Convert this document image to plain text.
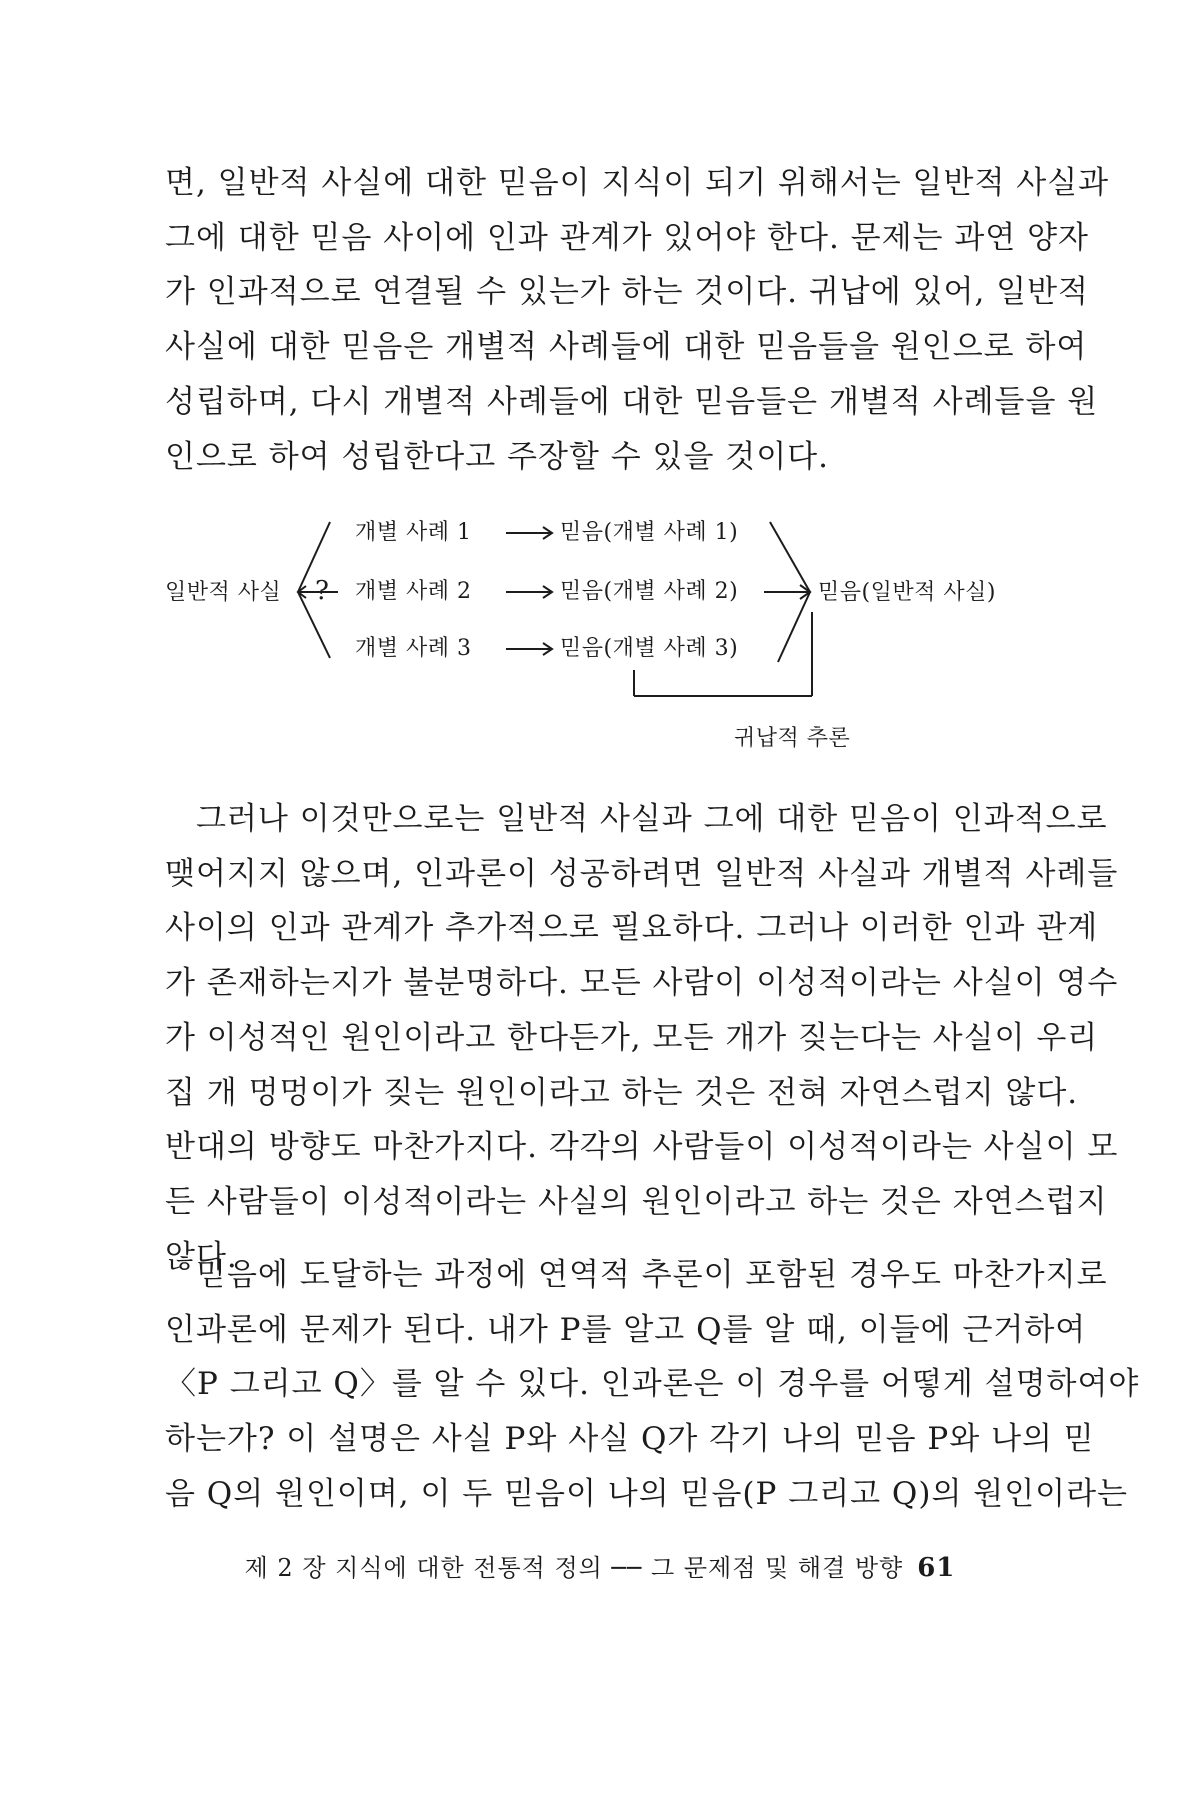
면, 일반적 사실에 대한 믿음이 지식이 되기 위해서는 일반적 사실과
그에 대한 믿음 사이에 인과 관계가 있어야 한다. 문제는 과연 양자
가 인과적으로 연결될 수 있는가 하는 것이다. 귀납에 있어, 일반적
사실에 대한 믿음은 개별적 사례들에 대한 믿음들을 원인으로 하여
성립하며, 다시 개별적 사례들에 대한 믿음들은 개별적 사례들을 원
인으로 하여 성립한다고 주장할 수 있을 것이다.
일반적 사실 ?
개별 사례 1
개별 사례 2
개별 사례 3
믿음(개별 사례 1)
믿음(개별 사례 2)
믿음(개별 사례 3)
믿음(일반적 사실)
귀납적 추론
그러나 이것만으로는 일반적 사실과 그에 대한 믿음이 인과적으로
맺어지지 않으며, 인과론이 성공하려면 일반적 사실과 개별적 사례들
사이의 인과 관계가 추가적으로 필요하다. 그러나 이러한 인과 관계
가 존재하는지가 불분명하다. 모든 사람이 이성적이라는 사실이 영수
가 이성적인 원인이라고 한다든가, 모든 개가 짖는다는 사실이 우리
집 개 멍멍이가 짖는 원인이라고 하는 것은 전혀 자연스럽지 않다.
반대의 방향도 마찬가지다. 각각의 사람들이 이성적이라는 사실이 모
든 사람들이 이성적이라는 사실의 원인이라고 하는 것은 자연스럽지
않다.
믿음에 도달하는 과정에 연역적 추론이 포함된 경우도 마찬가지로
인과론에 문제가 된다. 내가 P를 알고 Q를 알 때, 이들에 근거하여
〈P 그리고 Q〉를 알 수 있다. 인과론은 이 경우를 어떻게 설명하여야
하는가? 이 설명은 사실 P와 사실 Q가 각기 나의 믿음 P와 나의 믿
음 Q의 원인이며, 이 두 믿음이 나의 믿음(P 그리고 Q)의 원인이라는
제 2 장 지식에 대한 전통적 정의 ── 그 문제점 및 해결 방향 61
